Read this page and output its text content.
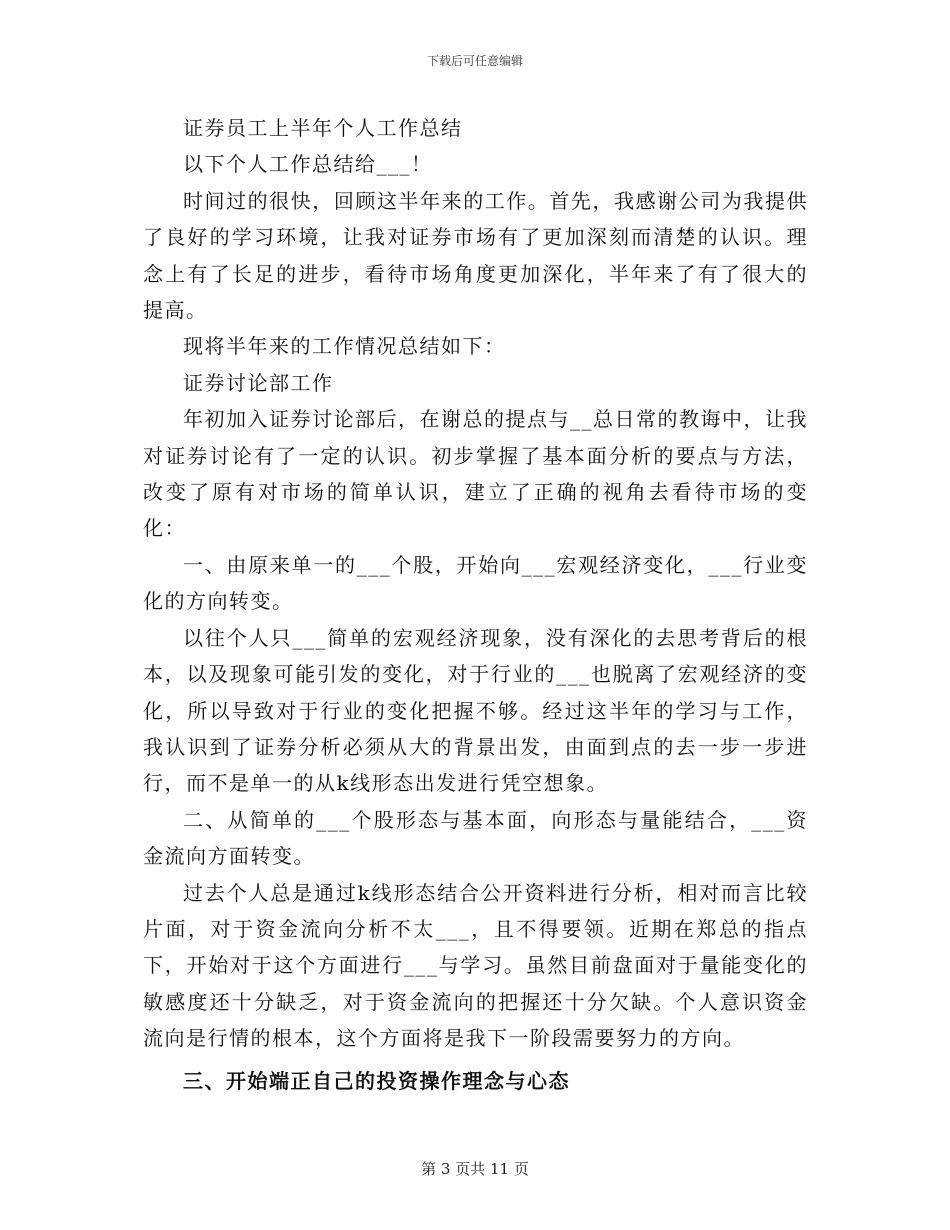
下载后可任意编辑

证券员工上半年个人工作总结

以下个人工作总结给___！

时间过的很快，回顾这半年来的工作。首先，我感谢公司为我提供了良好的学习环境，让我对证券市场有了更加深刻而清楚的认识。理念上有了长足的进步，看待市场角度更加深化，半年来了有了很大的提高。

现将半年来的工作情况总结如下：

证券讨论部工作

年初加入证券讨论部后，在谢总的提点与__总日常的教诲中，让我对证券讨论有了一定的认识。初步掌握了基本面分析的要点与方法，改变了原有对市场的简单认识，建立了正确的视角去看待市场的变化：

一、由原来单一的___个股，开始向___宏观经济变化，___行业变化的方向转变。

以往个人只___简单的宏观经济现象，没有深化的去思考背后的根本，以及现象可能引发的变化，对于行业的___也脱离了宏观经济的变化，所以导致对于行业的变化把握不够。经过这半年的学习与工作，我认识到了证券分析必须从大的背景出发，由面到点的去一步一步进行，而不是单一的从k线形态出发进行凭空想象。

二、从简单的___个股形态与基本面，向形态与量能结合，___资金流向方面转变。

过去个人总是通过k线形态结合公开资料进行分析，相对而言比较片面，对于资金流向分析不太___，且不得要领。近期在郑总的指点下，开始对于这个方面进行___与学习。虽然目前盘面对于量能变化的敏感度还十分缺乏，对于资金流向的把握还十分欠缺。个人意识资金流向是行情的根本，这个方面将是我下一阶段需要努力的方向。

三、开始端正自己的投资操作理念与心态

第 3 页共 11 页
